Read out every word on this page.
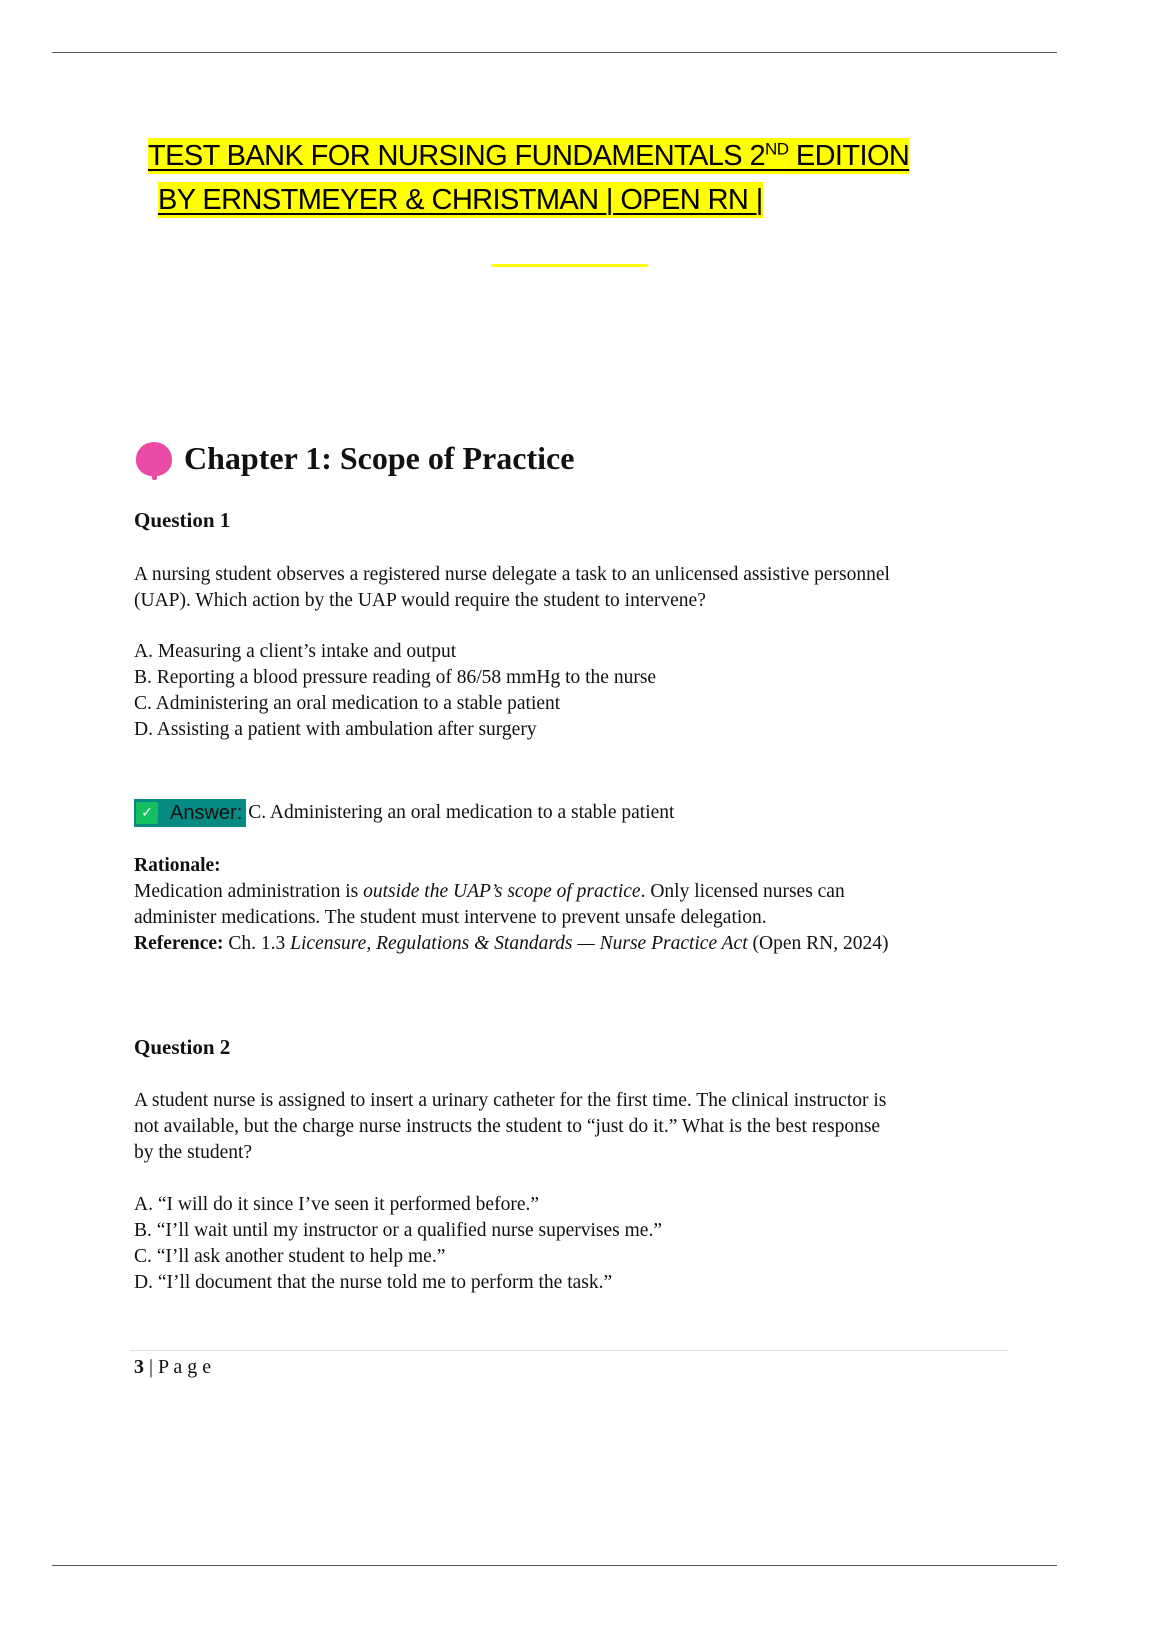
TEST BANK FOR NURSING FUNDAMENTALS 2ND EDITION
BY ERNSTMEYER & CHRISTMAN | OPEN RN |
Chapter 1: Scope of Practice
Question 1
A nursing student observes a registered nurse delegate a task to an unlicensed assistive personnel
(UAP). Which action by the UAP would require the student to intervene?
A. Measuring a client’s intake and output
B. Reporting a blood pressure reading of 86/58 mmHg to the nurse
C. Administering an oral medication to a stable patient
D. Assisting a patient with ambulation after surgery
✓ Answer: C. Administering an oral medication to a stable patient
Rationale:
Medication administration is outside the UAP’s scope of practice. Only licensed nurses can
administer medications. The student must intervene to prevent unsafe delegation.
Reference: Ch. 1.3 Licensure, Regulations & Standards — Nurse Practice Act (Open RN, 2024)
Question 2
A student nurse is assigned to insert a urinary catheter for the first time. The clinical instructor is
not available, but the charge nurse instructs the student to “just do it.” What is the best response
by the student?
A. “I will do it since I’ve seen it performed before.”
B. “I’ll wait until my instructor or a qualified nurse supervises me.”
C. “I’ll ask another student to help me.”
D. “I’ll document that the nurse told me to perform the task.”
3 | P a g e
